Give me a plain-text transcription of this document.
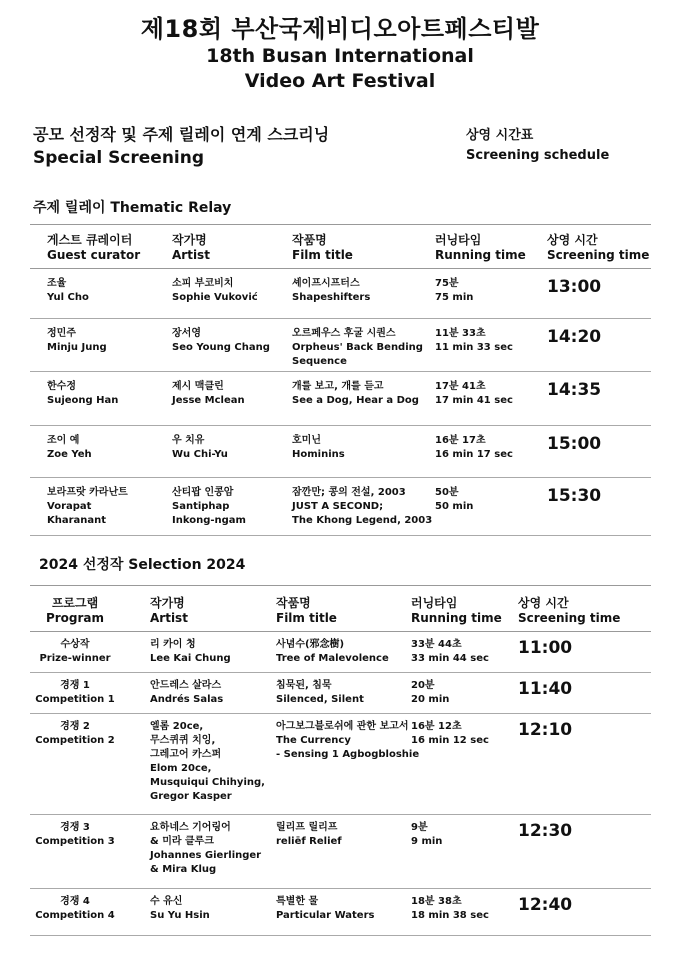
제18회 부산국제비디오아트페스티발
18th Busan International
Video Art Festival
공모 선정작 및 주제 릴레이 연계 스크리닝
Special Screening
상영 시간표
Screening schedule
주제 릴레이 Thematic Relay
게스트 큐레이터
Guest curator
작가명
Artist
작품명
Film title
러닝타임
Running time
상영 시간
Screening time
조율
Yul Cho
소피 부코비치
Sophie Vuković
셰이프시프터스
Shapeshifters
75분
75 min
13:00
정민주
Minju Jung
장서영
Seo Young Chang
오르페우스 후굴 시퀀스
Orpheus' Back Bending
Sequence
11분 33초
11 min 33 sec
14:20
한수정
Sujeong Han
제시 맥클린
Jesse Mclean
개를 보고, 개를 듣고
See a Dog, Hear a Dog
17분 41초
17 min 41 sec
14:35
조이 예
Zoe Yeh
우 치유
Wu Chi-Yu
호미닌
Hominins
16분 17초
16 min 17 sec
15:00
보라프랏 카라난트
Vorapat
Kharanant
산티팝 인콩암
Santiphap
Inkong-ngam
잠깐만; 콩의 전설, 2003
JUST A SECOND;
The Khong Legend, 2003
50분
50 min
15:30
2024 선정작 Selection 2024
프로그램
Program
작가명
Artist
작품명
Film title
러닝타임
Running time
상영 시간
Screening time
수상작
Prize-winner
리 카이 청
Lee Kai Chung
사념수(邪念樹)
Tree of Malevolence
33분 44초
33 min 44 sec
11:00
경쟁 1
Competition 1
안드레스 살라스
Andrés Salas
침묵된, 침묵
Silenced, Silent
20분
20 min
11:40
경쟁 2
Competition 2
엘롬 20ce,
무스퀴퀴 치잉,
그레고어 카스퍼
Elom 20ce,
Musquiqui Chihying,
Gregor Kasper
아그보그블로쉬에 관한 보고서
The Currency
- Sensing 1 Agbogbloshie
16분 12초
16 min 12 sec
12:10
경쟁 3
Competition 3
요하네스 기어링어
& 미라 클루크
Johannes Gierlinger
& Mira Klug
릴리프 릴리프
reliēf Relief
9분
9 min
12:30
경쟁 4
Competition 4
수 유신
Su Yu Hsin
특별한 물
Particular Waters
18분 38초
18 min 38 sec
12:40
